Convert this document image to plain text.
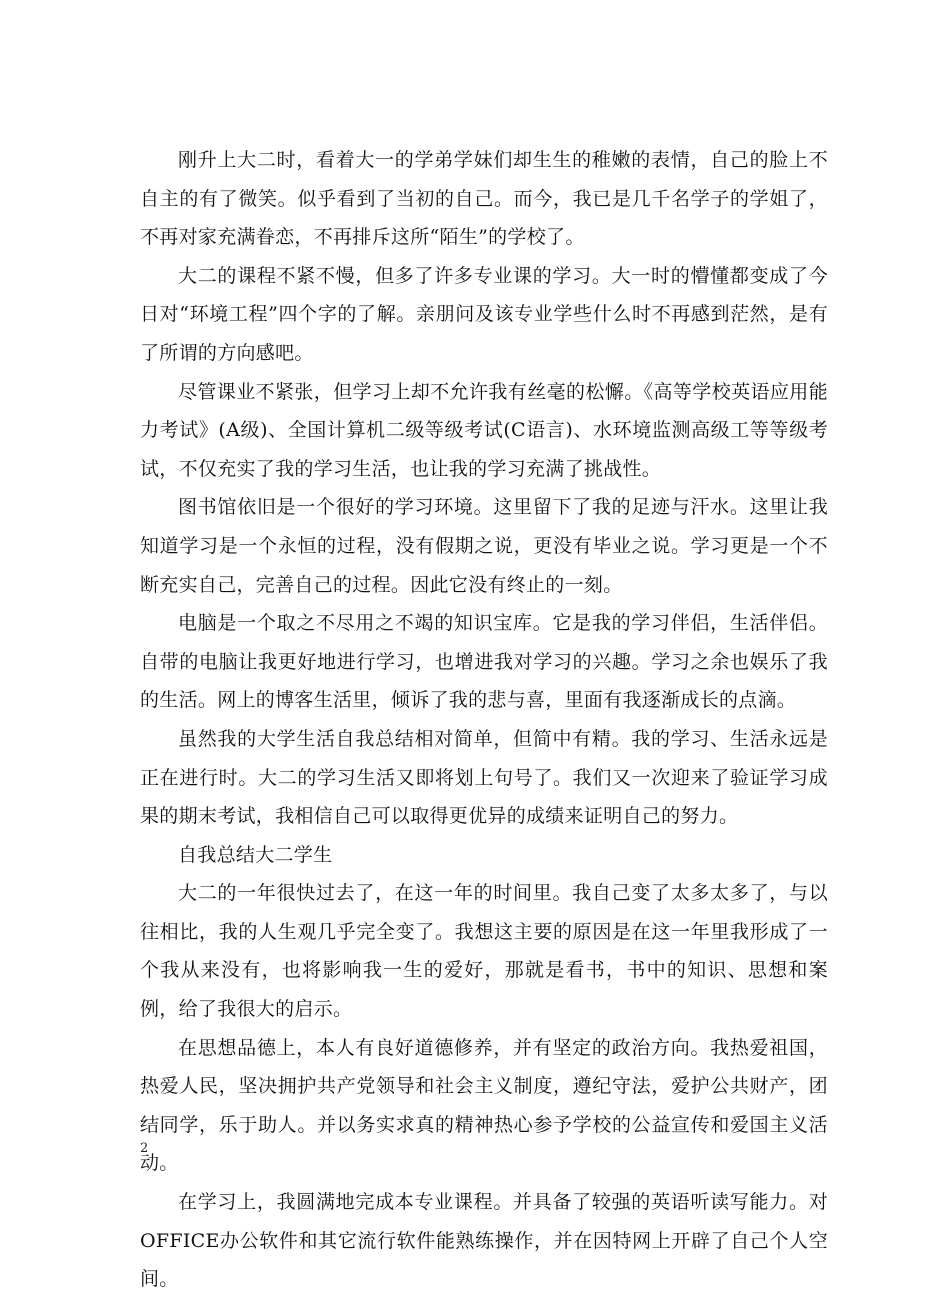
刚升上大二时，看着大一的学弟学妹们却生生的稚嫩的表情，自己的脸上不自主的有了微笑。似乎看到了当初的自己。而今，我已是几千名学子的学姐了，不再对家充满眷恋，不再排斥这所“陌生”的学校了。

大二的课程不紧不慢，但多了许多专业课的学习。大一时的懵懂都变成了今日对“环境工程”四个字的了解。亲朋问及该专业学些什么时不再感到茫然，是有了所谓的方向感吧。

尽管课业不紧张，但学习上却不允许我有丝毫的松懈。《高等学校英语应用能力考试》(A级)、全国计算机二级等级考试(C语言)、水环境监测高级工等等级考试，不仅充实了我的学习生活，也让我的学习充满了挑战性。

图书馆依旧是一个很好的学习环境。这里留下了我的足迹与汗水。这里让我知道学习是一个永恒的过程，没有假期之说，更没有毕业之说。学习更是一个不断充实自己，完善自己的过程。因此它没有终止的一刻。

电脑是一个取之不尽用之不竭的知识宝库。它是我的学习伴侣，生活伴侣。自带的电脑让我更好地进行学习，也增进我对学习的兴趣。学习之余也娱乐了我的生活。网上的博客生活里，倾诉了我的悲与喜，里面有我逐渐成长的点滴。

虽然我的大学生活自我总结相对简单，但简中有精。我的学习、生活永远是正在进行时。大二的学习生活又即将划上句号了。我们又一次迎来了验证学习成果的期末考试，我相信自己可以取得更优异的成绩来证明自己的努力。

自我总结大二学生

大二的一年很快过去了，在这一年的时间里。我自己变了太多太多了，与以往相比，我的人生观几乎完全变了。我想这主要的原因是在这一年里我形成了一个我从来没有，也将影响我一生的爱好，那就是看书，书中的知识、思想和案例，给了我很大的启示。

在思想品德上，本人有良好道德修养，并有坚定的政治方向。我热爱祖国，热爱人民，坚决拥护共产党领导和社会主义制度，遵纪守法，爱护公共财产，团结同学，乐于助人。并以务实求真的精神热心参予学校的公益宣传和爱国主义活动。

在学习上，我圆满地完成本专业课程。并具备了较强的英语听读写能力。对OFFICE办公软件和其它流行软件能熟练操作，并在因特网上开辟了自己个人空间。

2
